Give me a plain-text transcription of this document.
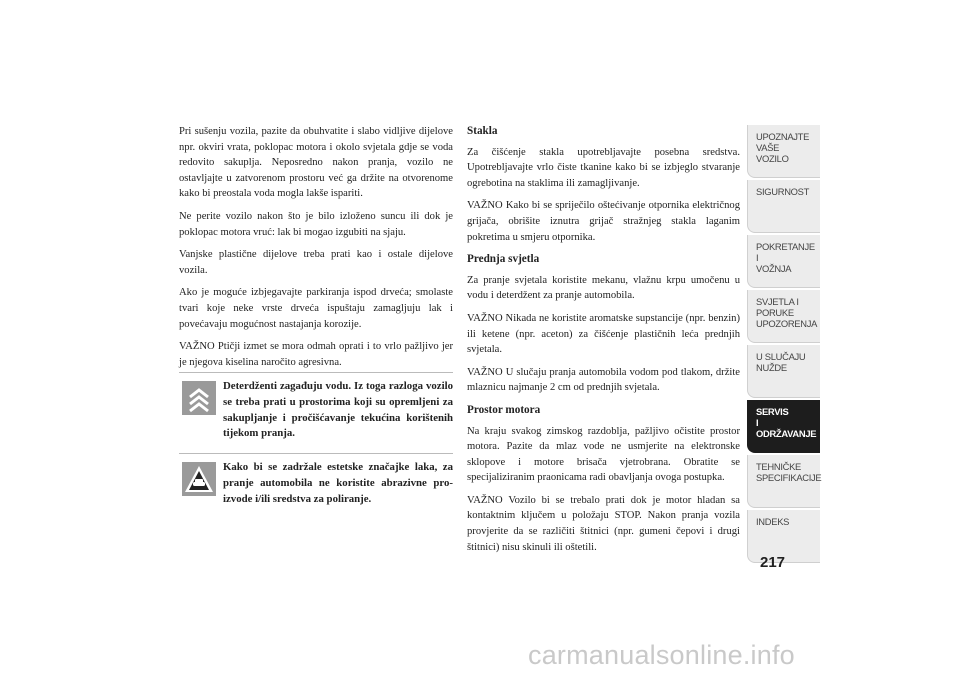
Pri sušenju vozila, pazite da obuhvatite i slabo vidljive dijelove npr. okviri vrata, poklopac motora i okolo svjetala gdje se voda redovito sakuplja. Neposredno nakon pranja, vozilo ne ostavljajte u zatvorenom prostoru već ga držite na otvorenome kako bi preostala voda mogla lakše ispariti.

Ne perite vozilo nakon što je bilo izloženo suncu ili dok je poklopac motora vruć: lak bi mogao izgubiti na sjaju.

Vanjske plastične dijelove treba prati kao i ostale dijelove vozila.

Ako je moguće izbjegavajte parkiranja ispod drveća; smolaste tvari koje neke vrste drveća ispuštaju zamagljuju lak i povećavaju mogućnost nastajanja korozije.

VAŽNO Ptičji izmet se mora odmah oprati i to vrlo pažljivo jer je njegova kiselina naročito agresivna.

Deterdženti zagađuju vodu. Iz toga razloga vozilo se treba prati u prostorima koji su opremljeni za sakupljanje i pročišćavanje tekućina korištenih tijekom pranja.
Kako bi se zadržale estetske značajke laka, za pranje automobila ne koristite abrazivne pro-izvode i/ili sredstva za poliranje.

Stakla

Za čišćenje stakla upotrebljavajte posebna sredstva. Upotrebljavajte vrlo čiste tkanine kako bi se izbjeglo stvaranje ogrebotina na staklima ili zamagljivanje.

VAŽNO Kako bi se spriječilo oštećivanje otpornika električnog grijača, obrišite iznutra grijač stražnjeg stakla laganim pokretima u smjeru otpornika.

Prednja svjetla

Za pranje svjetala koristite mekanu, vlažnu krpu umočenu u vodu i deterdžent za pranje automobila.

VAŽNO Nikada ne koristite aromatske supstancije (npr. benzin) ili ketene (npr. aceton) za čišćenje plastičnih leća prednjih svjetala.

VAŽNO U slučaju pranja automobila vodom pod tlakom, držite mlaznicu najmanje 2 cm od prednjih svjetala.

Prostor motora

Na kraju svakog zimskog razdoblja, pažljivo očistite prostor motora. Pazite da mlaz vode ne usmjerite na elektronske sklopove i motore brisača vjetrobrana. Obratite se specijaliziranim praonicama radi obavljanja ovoga postupka.

VAŽNO Vozilo bi se trebalo prati dok je motor hladan sa kontaktnim ključem u položaju STOP. Nakon pranja vozila provjerite da se različiti štitnici (npr. gumeni čepovi i drugi štitnici) nisu skinuli ili oštetili.

UPOZNAJTE
VAŠE
VOZILO
SIGURNOST
POKRETANJE
I
VOŽNJA
SVJETLA I
PORUKE
UPOZORENJA
U SLUČAJU
NUŽDE
SERVIS
I
ODRŽAVANJE
TEHNIČKE
SPECIFIKACIJE
INDEKS
217
carmanualsonline.info
